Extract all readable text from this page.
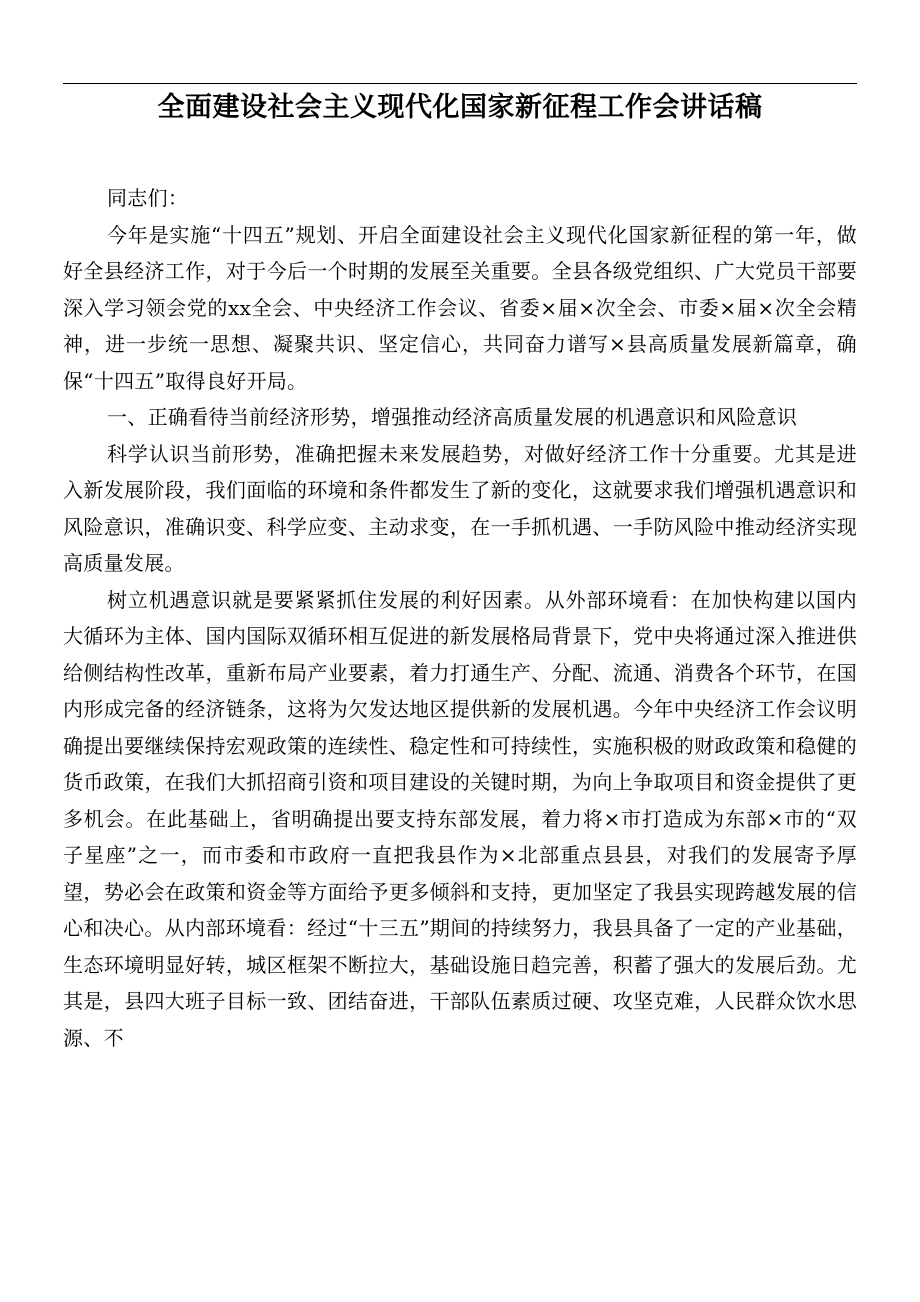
全面建设社会主义现代化国家新征程工作会讲话稿

同志们：

今年是实施“十四五”规划、开启全面建设社会主义现代化国家新征程的第一年，做好全县经济工作，对于今后一个时期的发展至关重要。全县各级党组织、广大党员干部要深入学习领会党的xx全会、中央经济工作会议、省委×届×次全会、市委×届×次全会精神，进一步统一思想、凝聚共识、坚定信心，共同奋力谱写×县高质量发展新篇章，确保“十四五”取得良好开局。

一、正确看待当前经济形势，增强推动经济高质量发展的机遇意识和风险意识

科学认识当前形势，准确把握未来发展趋势，对做好经济工作十分重要。尤其是进入新发展阶段，我们面临的环境和条件都发生了新的变化，这就要求我们增强机遇意识和风险意识，准确识变、科学应变、主动求变，在一手抓机遇、一手防风险中推动经济实现高质量发展。

树立机遇意识就是要紧紧抓住发展的利好因素。从外部环境看：在加快构建以国内大循环为主体、国内国际双循环相互促进的新发展格局背景下，党中央将通过深入推进供给侧结构性改革，重新布局产业要素，着力打通生产、分配、流通、消费各个环节，在国内形成完备的经济链条，这将为欠发达地区提供新的发展机遇。今年中央经济工作会议明确提出要继续保持宏观政策的连续性、稳定性和可持续性，实施积极的财政政策和稳健的货币政策，在我们大抓招商引资和项目建设的关键时期，为向上争取项目和资金提供了更多机会。在此基础上，省明确提出要支持东部发展，着力将×市打造成为东部×市的“双子星座”之一，而市委和市政府一直把我县作为×北部重点县县，对我们的发展寄予厚望，势必会在政策和资金等方面给予更多倾斜和支持，更加坚定了我县实现跨越发展的信心和决心。从内部环境看：经过“十三五”期间的持续努力，我县具备了一定的产业基础，生态环境明显好转，城区框架不断拉大，基础设施日趋完善，积蓄了强大的发展后劲。尤其是，县四大班子目标一致、团结奋进，干部队伍素质过硬、攻坚克难，人民群众饮水思源、不
